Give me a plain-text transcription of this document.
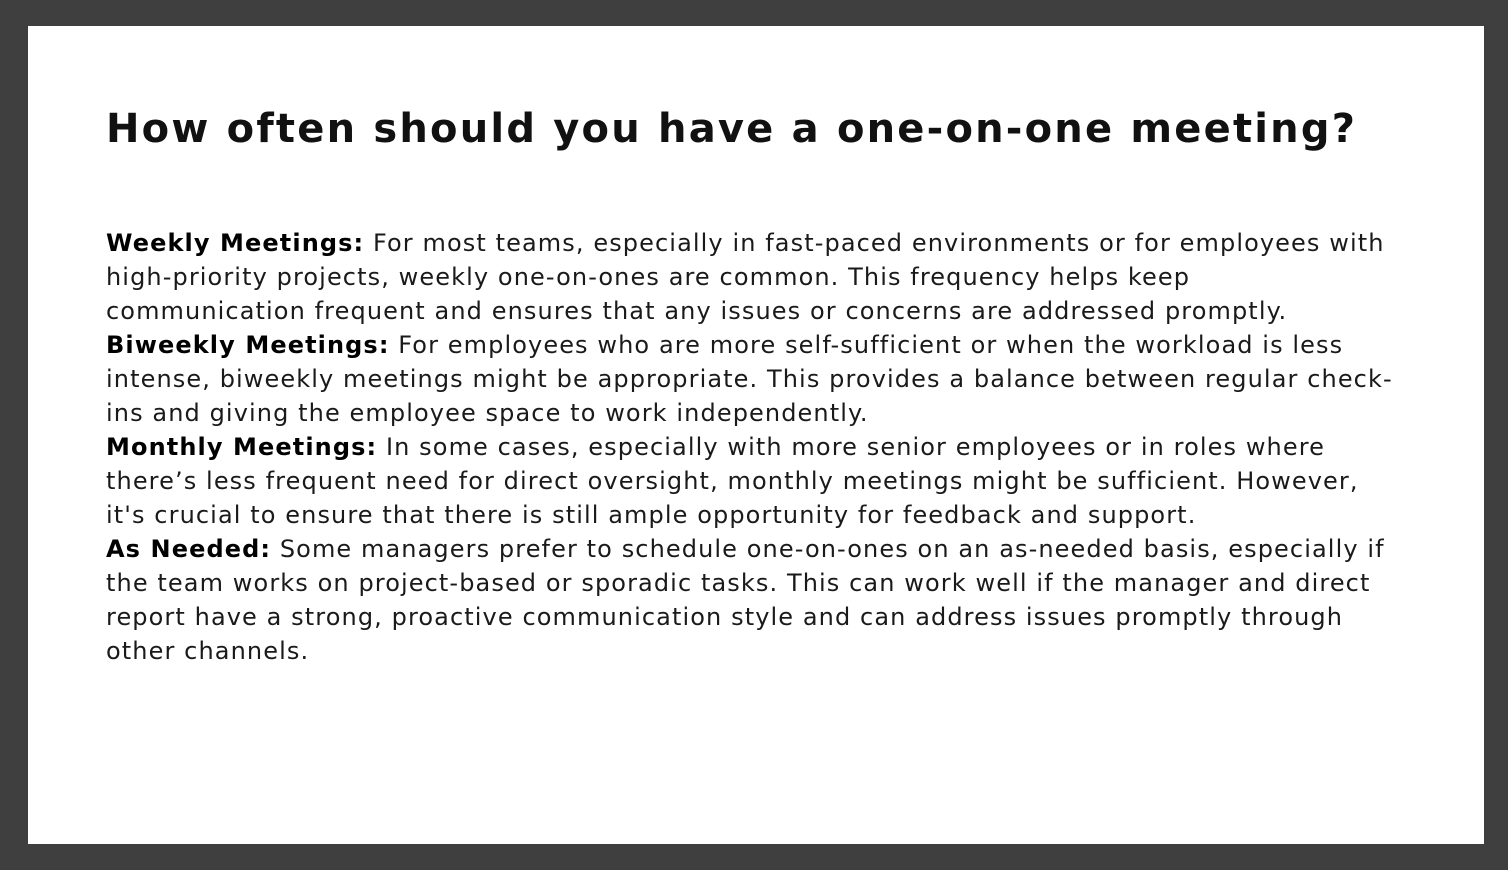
How often should you have a one-on-one meeting?

Weekly Meetings: For most teams, especially in fast-paced environments or for employees with high-priority projects, weekly one-on-ones are common. This frequency helps keep communication frequent and ensures that any issues or concerns are addressed promptly.

Biweekly Meetings: For employees who are more self-sufficient or when the workload is less intense, biweekly meetings might be appropriate. This provides a balance between regular check-ins and giving the employee space to work independently.

Monthly Meetings: In some cases, especially with more senior employees or in roles where there’s less frequent need for direct oversight, monthly meetings might be sufficient. However, it's crucial to ensure that there is still ample opportunity for feedback and support.

As Needed: Some managers prefer to schedule one-on-ones on an as-needed basis, especially if the team works on project-based or sporadic tasks. This can work well if the manager and direct report have a strong, proactive communication style and can address issues promptly through other channels.
